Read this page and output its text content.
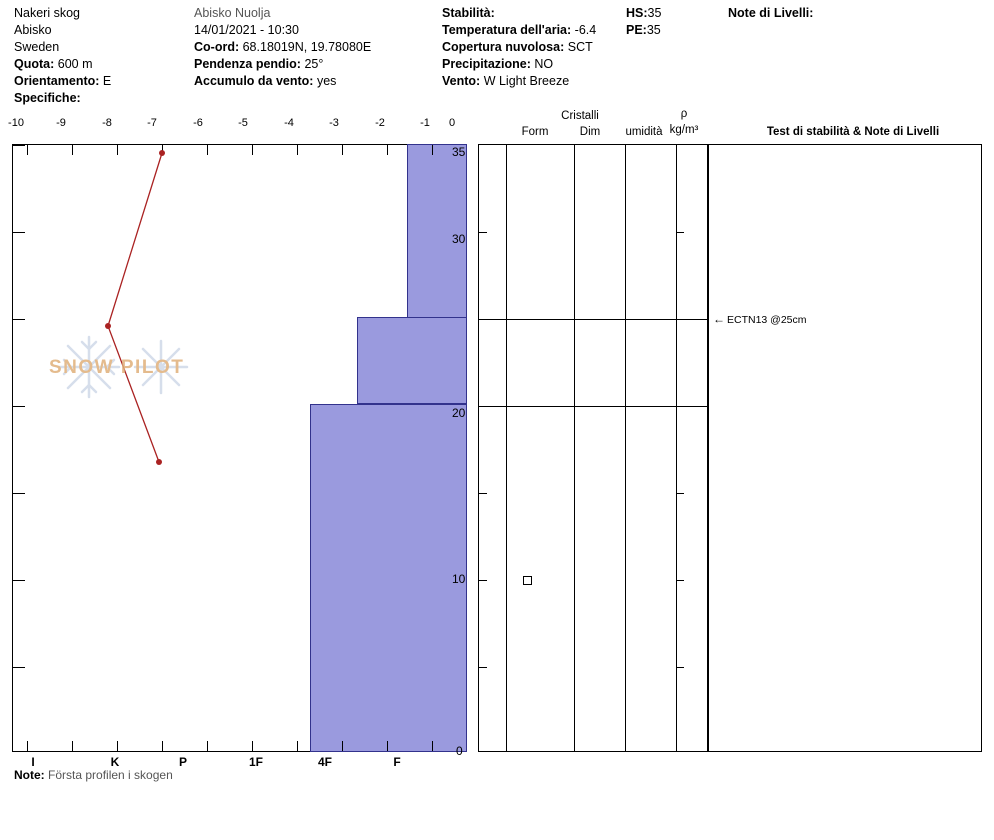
Nakeri skog
Abisko
Sweden
Quota: 600 m
Orientamento: E
Specifiche:
Abisko Nuolja
14/01/2021 - 10:30
Co-ord: 68.18019N, 19.78080E
Pendenza pendio: 25°
Accumulo da vento: yes
Stabilità:
Temperatura dell'aria: -6.4
Copertura nuvolosa: SCT
Precipitazione: NO
Vento: W Light Breeze
HS:35
PE:35
Note di Livelli:
-10	-9	-8	-7	-6	-5	-4	-3	-2	-1	0
I	K	P	1F	4F	F
SNOW PILOT
35
30
20
10
0
Cristalli
Form	Dim	umidità
ρ
kg/m³	Test di stabilità & Note di Livelli
← ECTN13 @25cm
Note: Första profilen i skogen
